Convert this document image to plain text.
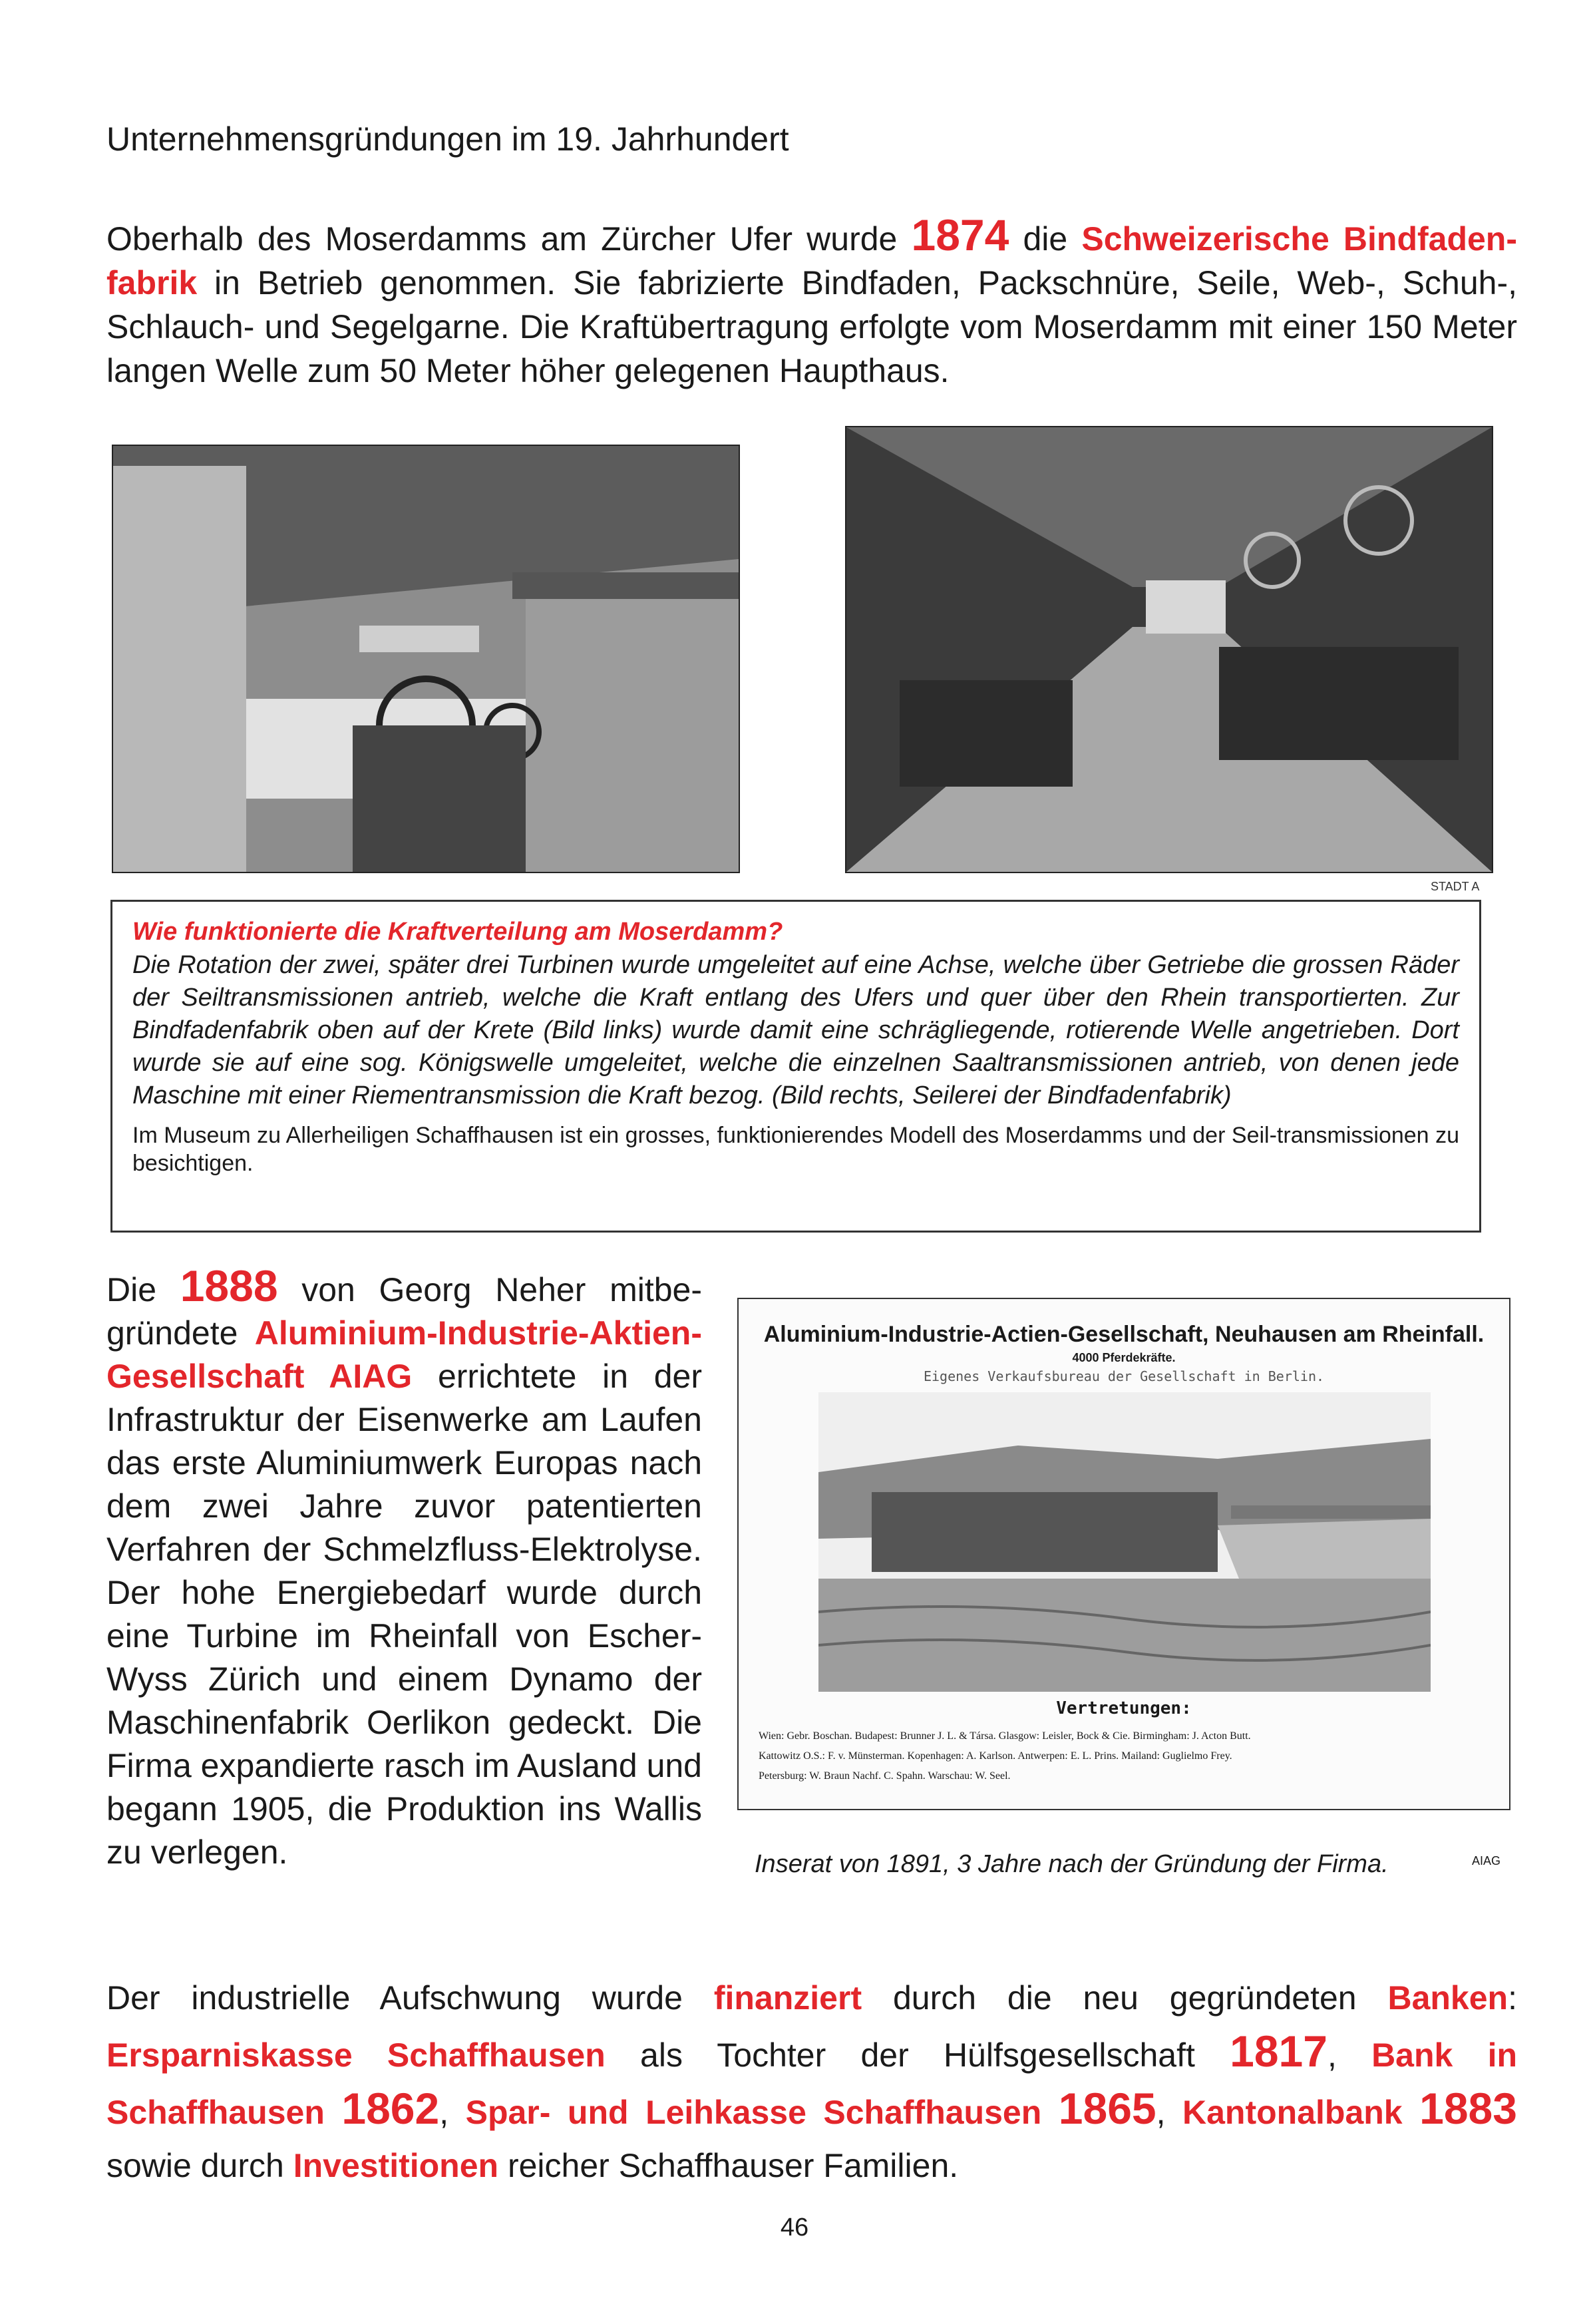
Unternehmensgründungen im 19. Jahrhundert
Oberhalb des Moserdamms am Zürcher Ufer wurde 1874 die Schweizerische Bindfaden-fabrik in Betrieb genommen. Sie fabrizierte Bindfaden, Packschnüre, Seile, Web-, Schuh-, Schlauch- und Segelgarne. Die Kraftübertragung erfolgte vom Moserdamm mit einer 150 Meter langen Welle zum 50 Meter höher gelegenen Haupthaus.
STADT A
Wie funktionierte die Kraftverteilung am Moserdamm?
Die Rotation der zwei, später drei Turbinen wurde umgeleitet auf eine Achse, welche über Getriebe die grossen Räder der Seiltransmissionen antrieb, welche die Kraft entlang des Ufers und quer über den Rhein transportierten. Zur Bindfadenfabrik oben auf der Krete (Bild links) wurde damit eine schrägliegende, rotierende Welle angetrieben. Dort wurde sie auf eine sog. Königswelle umgeleitet, welche die einzelnen Saaltransmissionen antrieb, von denen jede Maschine mit einer Riementransmission die Kraft bezog. (Bild rechts, Seilerei der Bindfadenfabrik)
Im Museum zu Allerheiligen Schaffhausen ist ein grosses, funktionierendes Modell des Moserdamms und der Seil-transmissionen zu besichtigen.
Die 1888 von Georg Neher mitbe-gründete Aluminium-Industrie-Aktien-Gesellschaft AIAG errichtete in der Infrastruktur der Eisenwerke am Laufen das erste Aluminiumwerk Europas nach dem zwei Jahre zuvor patentierten Verfahren der Schmelzfluss-Elektrolyse. Der hohe Energiebedarf wurde durch eine Turbine im Rheinfall von Escher-Wyss Zürich und einem Dynamo der Maschinenfabrik Oerlikon gedeckt. Die Firma expandierte rasch im Ausland und begann 1905, die Produktion ins Wallis zu verlegen.
Aluminium-Industrie-Actien-Gesellschaft, Neuhausen am Rheinfall.
4000 Pferdekräfte.
Eigenes Verkaufsbureau der Gesellschaft in Berlin.
Vertretungen:
Wien: Gebr. Boschan. Budapest: Brunner J. L. & Társa. Glasgow: Leisler, Bock & Cie. Birmingham: J. Acton Butt.
Kattowitz O.S.: F. v. Münsterman. Kopenhagen: A. Karlson. Antwerpen: E. L. Prins. Mailand: Guglielmo Frey.
Petersburg: W. Braun Nachf. C. Spahn. Warschau: W. Seel.
Inserat von 1891, 3 Jahre nach der Gründung der Firma.	AIAG
Der industrielle Aufschwung wurde finanziert durch die neu gegründeten Banken: Ersparniskasse Schaffhausen als Tochter der Hülfsgesellschaft 1817, Bank in Schaffhausen 1862, Spar- und Leihkasse Schaffhausen 1865, Kantonalbank 1883 sowie durch Investitionen reicher Schaffhauser Familien.
46
